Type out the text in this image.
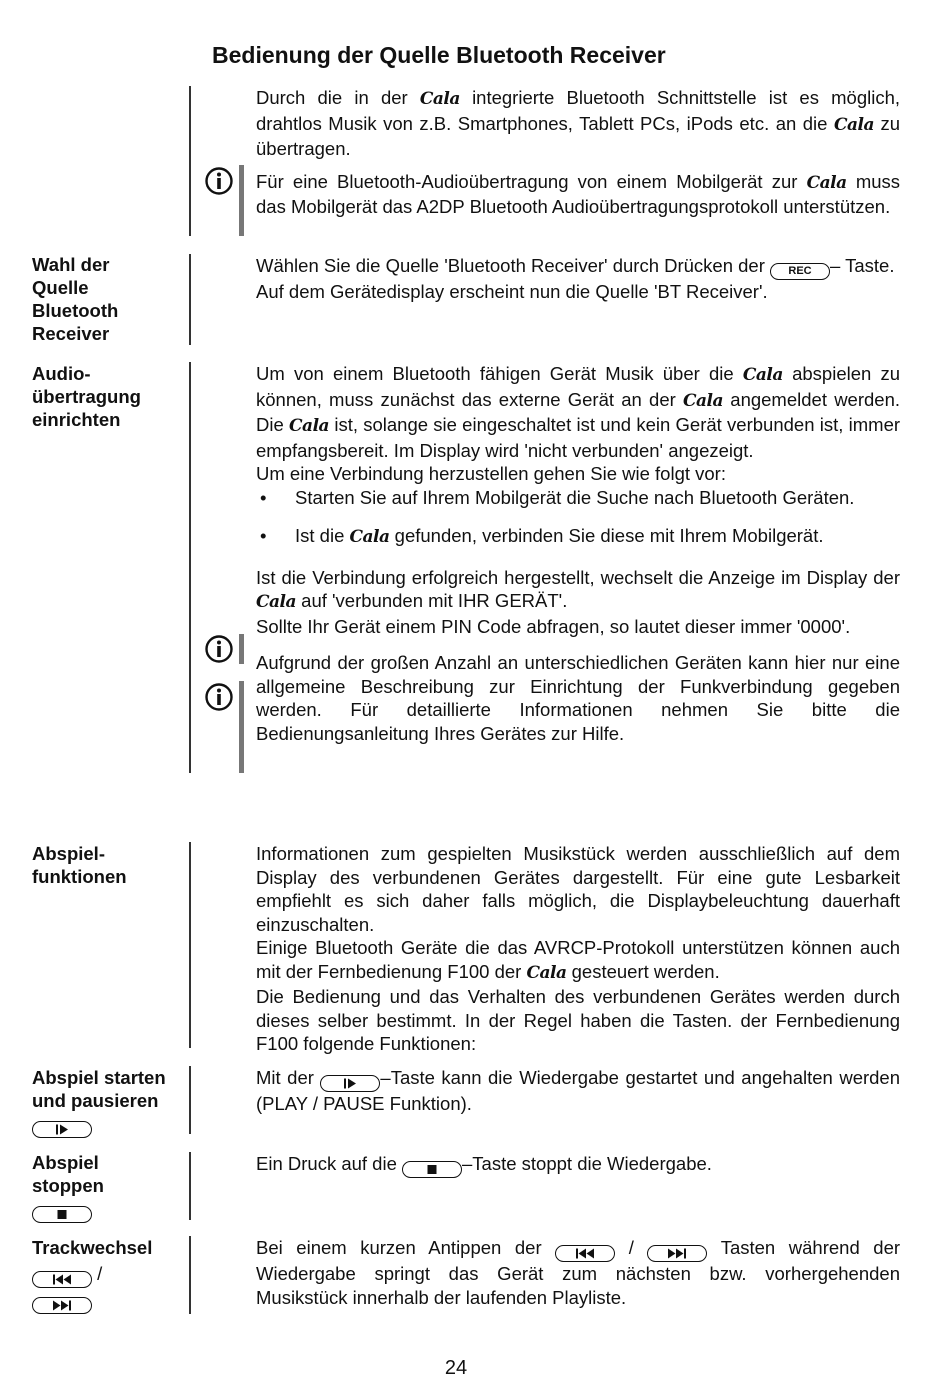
Bedienung der Quelle Bluetooth Receiver

Durch die in der Cala integrierte Bluetooth Schnittstelle ist es möglich, drahtlos Musik von z.B. Smartphones, Tablett PCs, iPods etc. an die Cala zu übertragen.

Für eine Bluetooth-Audioübertragung von einem Mobilgerät zur Cala muss das Mobilgerät das A2DP Bluetooth Audioübertragungsprotokoll unterstützen.

Wahl der
Quelle
Bluetooth
Receiver

Wählen Sie die Quelle 'Bluetooth Receiver' durch Drücken der REC – Taste.

Auf dem Gerätedisplay erscheint nun die Quelle 'BT Receiver'.

Audio-
übertragung
einrichten

Um von einem Bluetooth fähigen Gerät Musik über die Cala abspielen zu können, muss zunächst das externe Gerät an der Cala angemeldet werden. Die Cala ist, solange sie eingeschaltet ist und kein Gerät verbunden ist, immer empfangsbereit. Im Display wird 'nicht verbunden' angezeigt.

Um eine Verbindung herzustellen gehen Sie wie folgt vor:

• Starten Sie auf Ihrem Mobilgerät die Suche nach Bluetooth Geräten.
• Ist die Cala gefunden, verbinden Sie diese mit Ihrem Mobilgerät.

Ist die Verbindung erfolgreich hergestellt, wechselt die Anzeige im Display der Cala auf 'verbunden mit IHR GERÄT'.

Sollte Ihr Gerät einem PIN Code abfragen, so lautet dieser immer '0000'.

Aufgrund der großen Anzahl an unterschiedlichen Geräten kann hier nur eine allgemeine Beschreibung zur Einrichtung der Funkverbindung gegeben werden. Für detaillierte Informationen nehmen Sie bitte die Bedienungsanleitung Ihres Gerätes zur Hilfe.

Abspiel-
funktionen

Informationen zum gespielten Musikstück werden ausschließlich auf dem Display des verbundenen Gerätes dargestellt. Für eine gute Lesbarkeit empfiehlt es sich daher falls möglich, die Displaybeleuchtung dauerhaft einzuschalten.

Einige Bluetooth Geräte die das AVRCP-Protokoll unterstützen können auch mit der Fernbedienung F100 der Cala gesteuert werden.

Die Bedienung und das Verhalten des verbundenen Gerätes werden durch dieses selber bestimmt. In der Regel haben die Tasten. der Fernbedienung F100 folgende Funktionen:

Abspiel starten
und pausieren

Mit der	–Taste kann die Wiedergabe gestartet und angehalten werden (PLAY / PAUSE Funktion).

Abspiel
stoppen

Ein Druck auf die	–Taste stoppt die Wiedergabe.

Trackwechsel
/

Bei einem kurzen Antippen der	/	Tasten während der Wiedergabe springt das Gerät zum nächsten bzw. vorhergehenden Musikstück innerhalb der laufenden Playliste.

24
